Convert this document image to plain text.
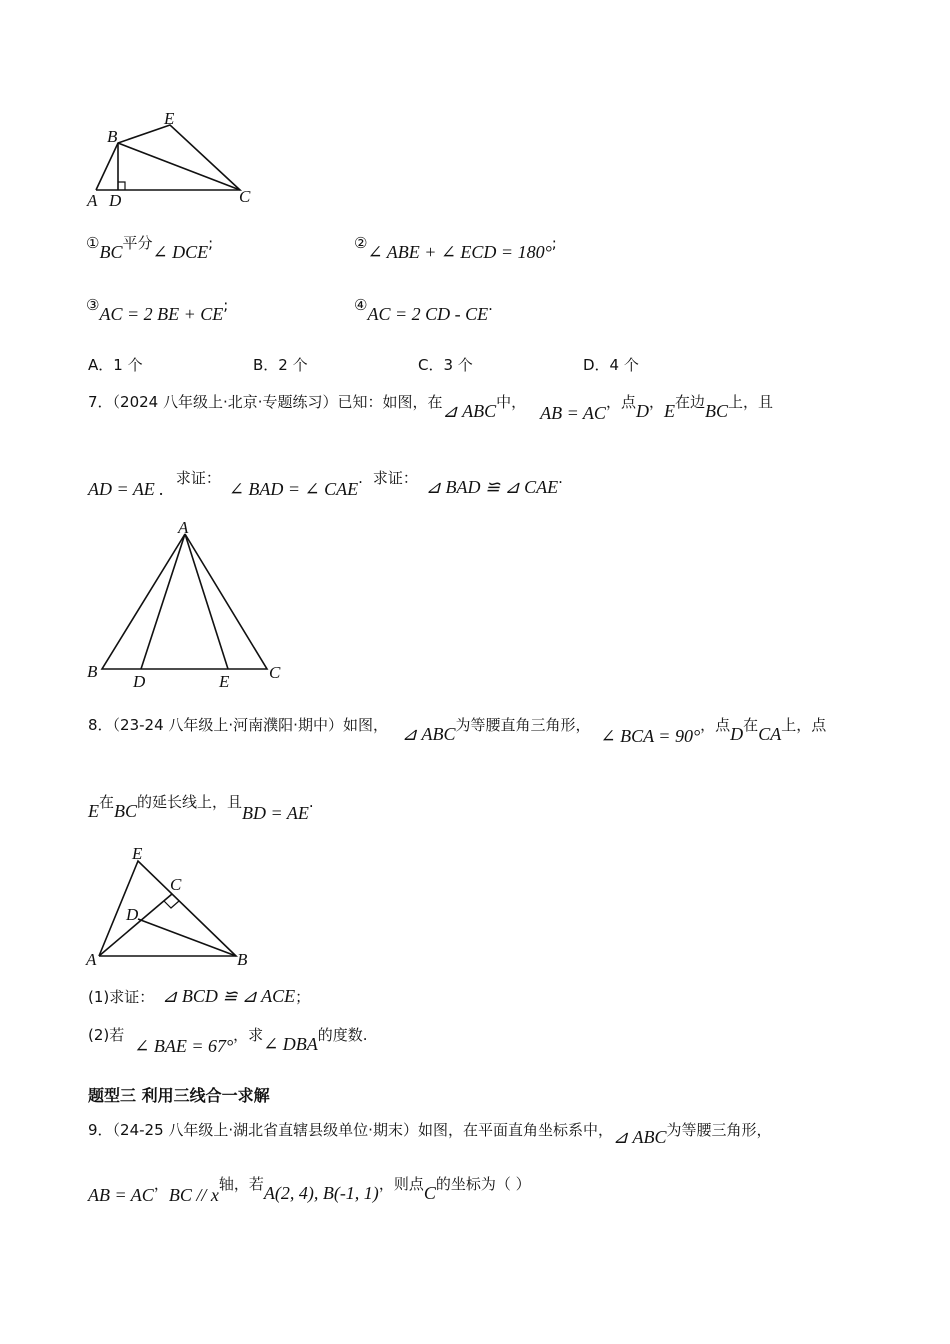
B
E
A D	C
①BC平分∠ DCE;	②∠ ABE + ∠ ECD = 180°;
③AC = 2 BE + CE;	④AC = 2 CD - CE.
A．1 个	B．2 个	C．3 个	D．4 个
7．（2024 八年级上·北京·专题练习）已知：如图，在⊿ ABC中，AB = AC，点D，E在边BC上，且
AD = AE .求证：∠ BAD = ∠ CAE. 求证： ⊿ BAD ≌ ⊿ CAE.
A
B
D	E C
8．（23-24 八年级上·河南濮阳·期中）如图， ⊿ ABC为等腰直角三角形，∠ BCA = 90°，点D在CA上，点
E在BC的延长线上，且BD = AE.
E
C
D
A	B
(1)求证： ⊿ BCD ≌ ⊿ ACE；
(2)若∠ BAE = 67°，求∠ DBA的度数.
题型三 利用三线合一求解
9．（24-25 八年级上·湖北省直辖县级单位·期末）如图，在平面直角坐标系中，⊿ ABC为等腰三角形，
AB = AC，BC // x轴，若A(2, 4), B(-1, 1)，则点C的坐标为（ ）
